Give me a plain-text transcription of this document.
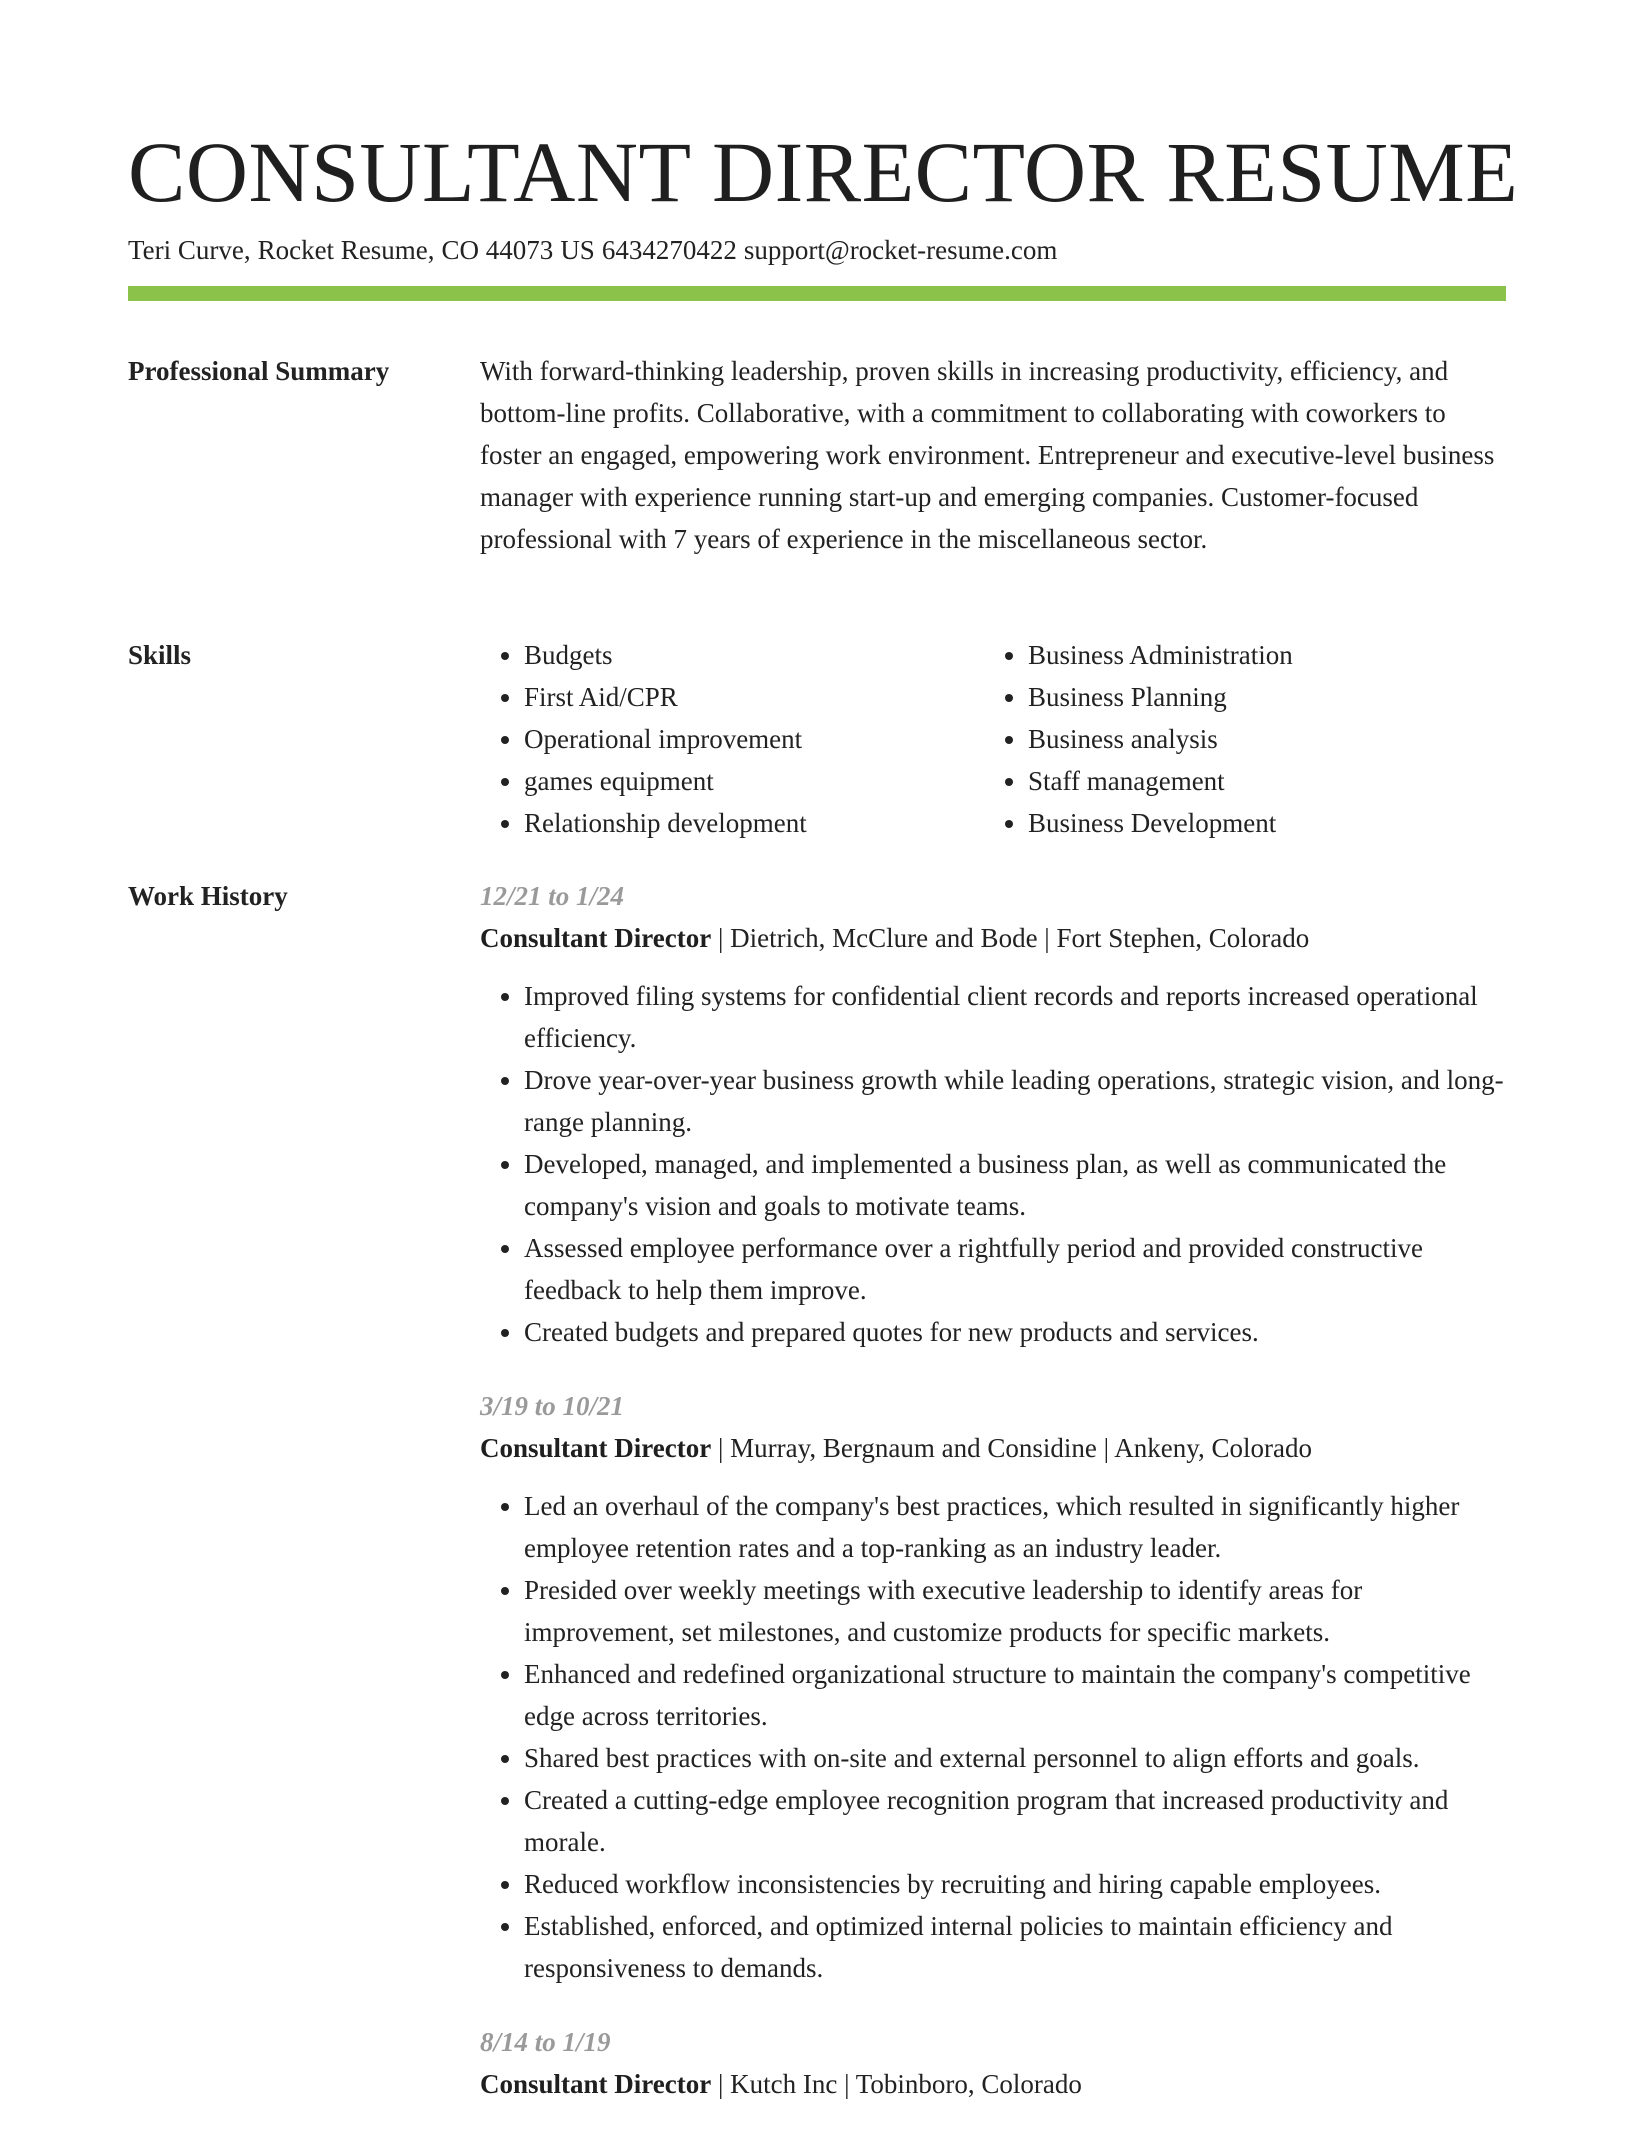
CONSULTANT DIRECTOR RESUME
Teri Curve, Rocket Resume, CO 44073 US 6434270422 support@rocket-resume.com
Professional Summary	With forward-thinking leadership, proven skills in increasing productivity, efficiency, and bottom-line profits. Collaborative, with a commitment to collaborating with coworkers to foster an engaged, empowering work environment. Entrepreneur and executive-level business manager with experience running start-up and emerging companies. Customer-focused professional with 7 years of experience in the miscellaneous sector.

Skills
•	Budgets
• First Aid/CPR
• Operational improvement
• games equipment
• Relationship development
• Business Administration
• Business Planning
• Business analysis
• Staff management
• Business Development
Work History	12/21 to 1/24
Consultant Director | Dietrich, McClure and Bode | Fort Stephen, Colorado
• Improved filing systems for confidential client records and reports increased operational efficiency.
• Drove year-over-year business growth while leading operations, strategic vision, and long-range planning.
• Developed, managed, and implemented a business plan, as well as communicated the company's vision and goals to motivate teams.
• Assessed employee performance over a rightfully period and provided constructive feedback to help them improve.
• Created budgets and prepared quotes for new products and services.
3/19 to 10/21
Consultant Director | Murray, Bergnaum and Considine | Ankeny, Colorado
• Led an overhaul of the company's best practices, which resulted in significantly higher employee retention rates and a top-ranking as an industry leader.
• Presided over weekly meetings with executive leadership to identify areas for improvement, set milestones, and customize products for specific markets.
• Enhanced and redefined organizational structure to maintain the company's competitive edge across territories.
• Shared best practices with on-site and external personnel to align efforts and goals.
• Created a cutting-edge employee recognition program that increased productivity and morale.
• Reduced workflow inconsistencies by recruiting and hiring capable employees.
• Established, enforced, and optimized internal policies to maintain efficiency and responsiveness to demands.
8/14 to 1/19
Consultant Director | Kutch Inc | Tobinboro, Colorado
